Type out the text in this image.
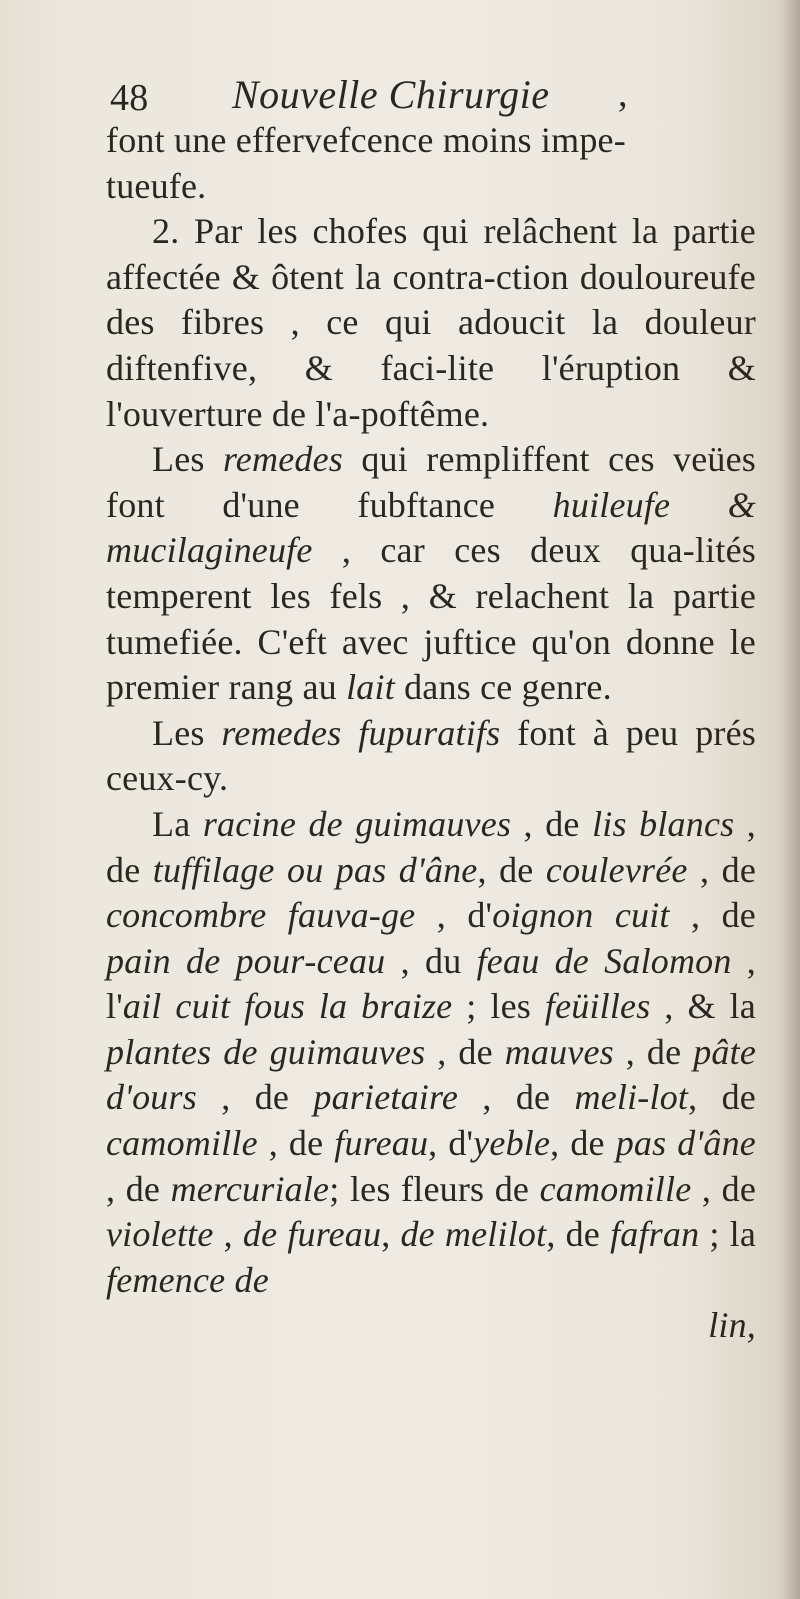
48 Nouvelle Chirurgie ,

font une effervefcence moins impe-
tueufe.

2. Par les chofes qui relâchent la partie affectée & ôtent la contra-ction douloureufe des fibres , ce qui adoucit la douleur diftenfive, & faci-lite l'éruption & l'ouverture de l'a-poftême.

Les remedes qui rempliffent ces veües font d'une fubftance huileufe & mucilagineufe , car ces deux qua-lités temperent les fels , & relachent la partie tumefiée. C'eft avec juftice qu'on donne le premier rang au lait dans ce genre.

Les remedes fupuratifs font à peu prés ceux-cy.

La racine de guimauves , de lis blancs , de tuffilage ou pas d'âne, de coulevrée , de concombre fauva-ge , d'oignon cuit , de pain de pour-ceau , du feau de Salomon , l'ail cuit fous la braize ; les feüilles , & la plantes de guimauves , de mauves , de pâte d'ours , de parietaire , de meli-lot, de camomille , de fureau, d'yeble, de pas d'âne , de mercuriale; les fleurs de camomille , de violette , de fureau, de melilot, de fafran ; la femence de

lin,
